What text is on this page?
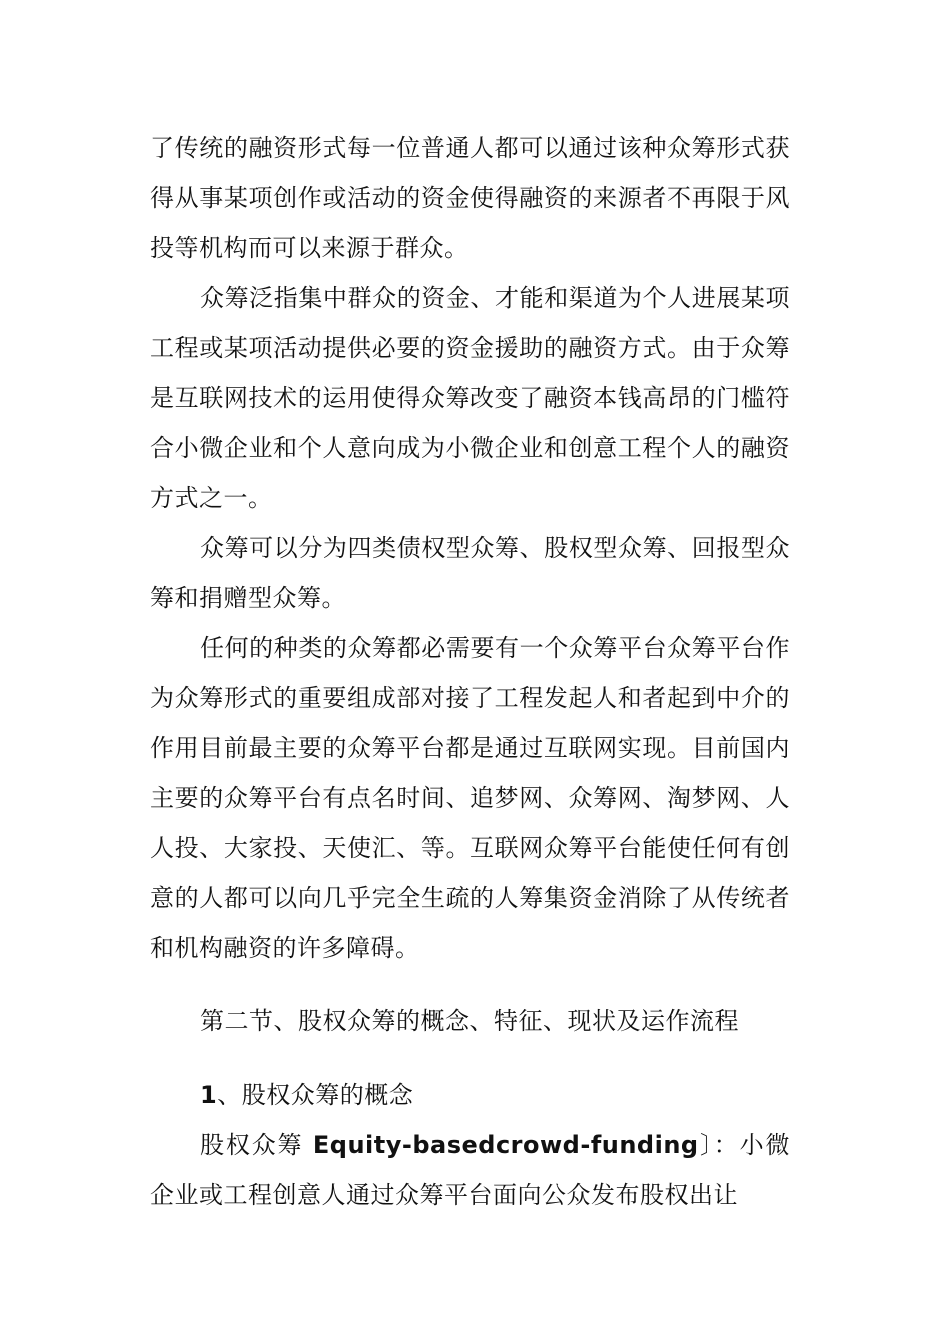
了传统的融资形式每一位普通人都可以通过该种众筹形式获得从事某项创作或活动的资金使得融资的来源者不再限于风投等机构而可以来源于群众。

众筹泛指集中群众的资金、才能和渠道为个人进展某项工程或某项活动提供必要的资金援助的融资方式。由于众筹是互联网技术的运用使得众筹改变了融资本钱高昂的门槛符合小微企业和个人意向成为小微企业和创意工程个人的融资方式之一。

众筹可以分为四类债权型众筹、股权型众筹、回报型众筹和捐赠型众筹。

任何的种类的众筹都必需要有一个众筹平台众筹平台作为众筹形式的重要组成部对接了工程发起人和者起到中介的作用目前最主要的众筹平台都是通过互联网实现。目前国内主要的众筹平台有点名时间、追梦网、众筹网、淘梦网、人人投、大家投、天使汇、等。互联网众筹平台能使任何有创意的人都可以向几乎完全生疏的人筹集资金消除了从传统者和机构融资的许多障碍。

第二节、股权众筹的概念、特征、现状及运作流程

1、股权众筹的概念

股权众筹 Equity-basedcrowd-funding〕：小微企业或工程创意人通过众筹平台面向公众发布股权出让
